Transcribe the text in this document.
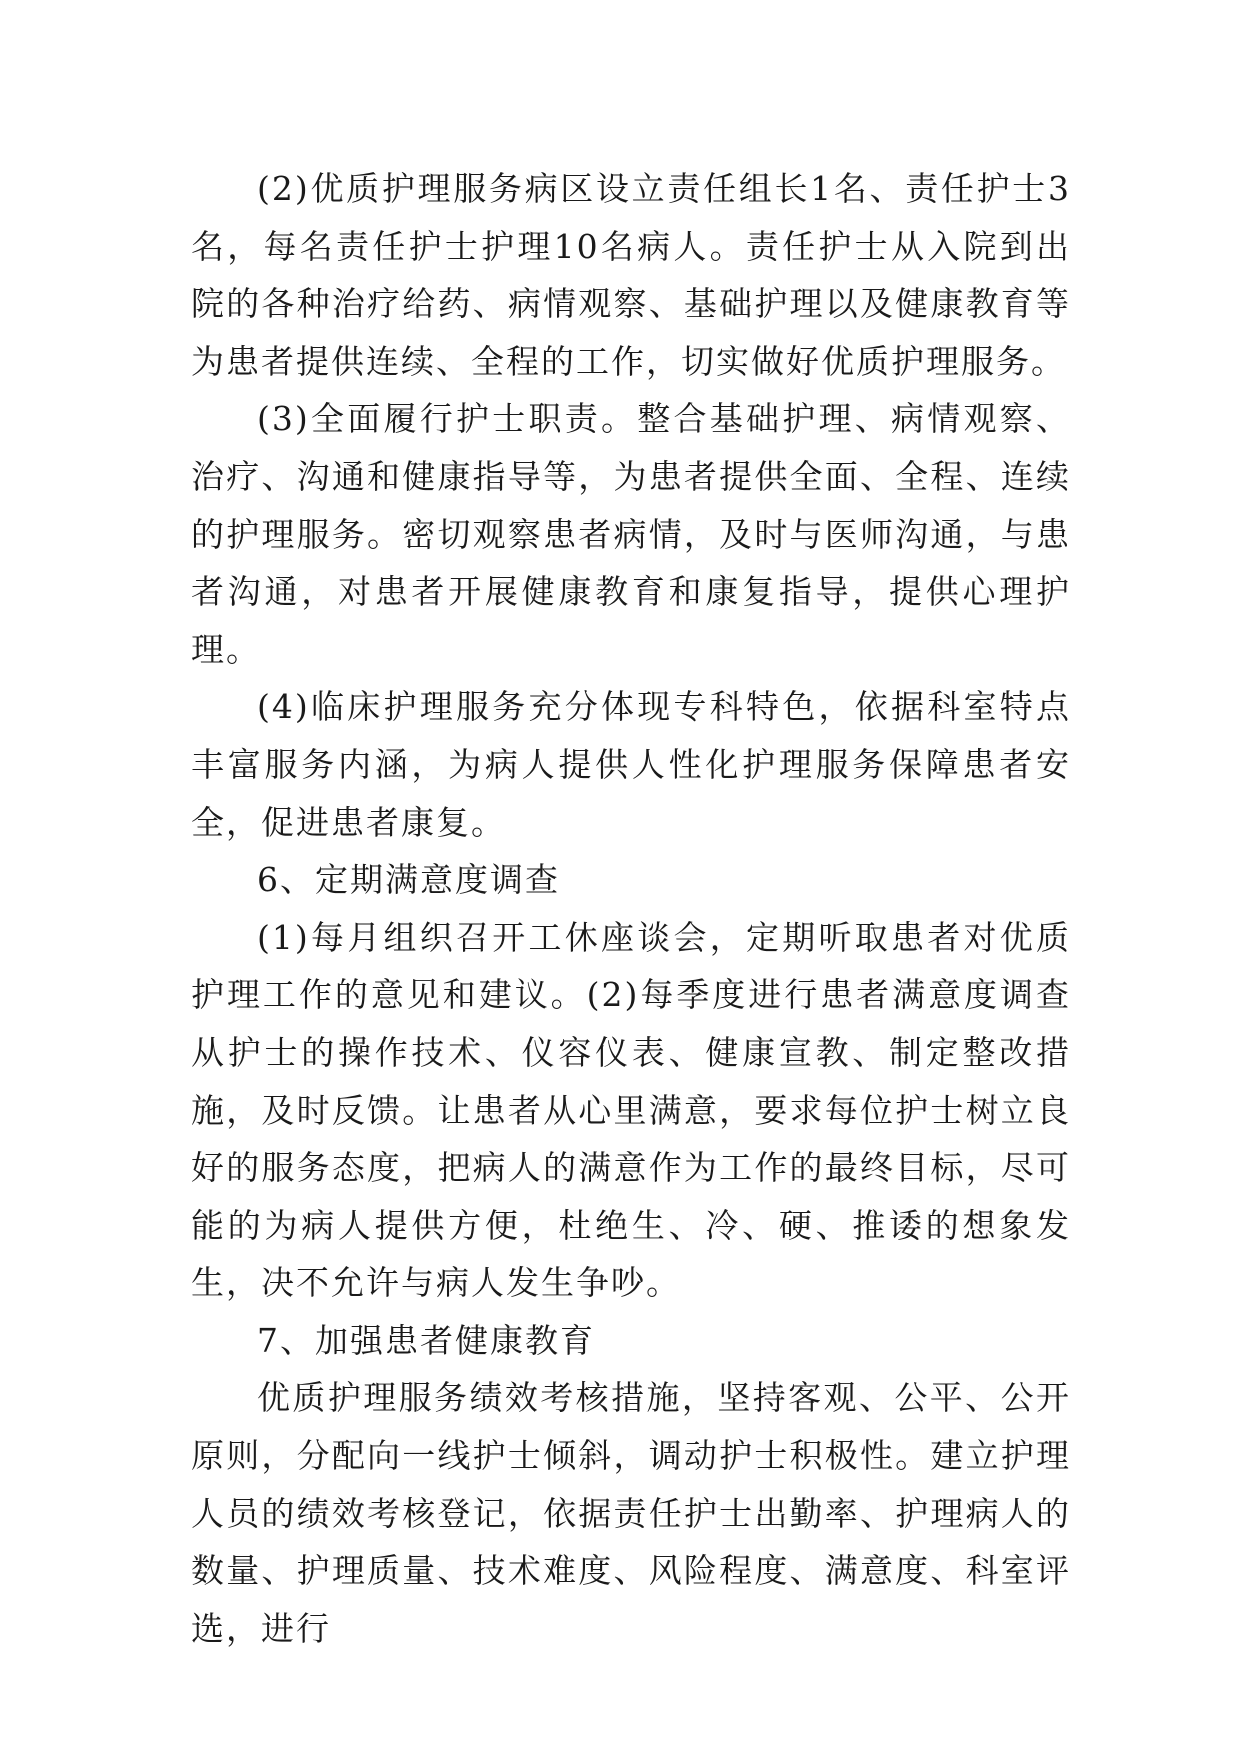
(2)优质护理服务病区设立责任组长1名、责任护士3名，每名责任护士护理10名病人。责任护士从入院到出院的各种治疗给药、病情观察、基础护理以及健康教育等为患者提供连续、全程的工作，切实做好优质护理服务。

(3)全面履行护士职责。整合基础护理、病情观察、治疗、沟通和健康指导等，为患者提供全面、全程、连续的护理服务。密切观察患者病情，及时与医师沟通，与患者沟通，对患者开展健康教育和康复指导，提供心理护理。

(4)临床护理服务充分体现专科特色，依据科室特点丰富服务内涵，为病人提供人性化护理服务保障患者安全，促进患者康复。

6、定期满意度调查

(1)每月组织召开工休座谈会，定期听取患者对优质护理工作的意见和建议。(2)每季度进行患者满意度调查从护士的操作技术、仪容仪表、健康宣教、制定整改措施，及时反馈。让患者从心里满意，要求每位护士树立良好的服务态度，把病人的满意作为工作的最终目标，尽可能的为病人提供方便，杜绝生、冷、硬、推诿的想象发生，决不允许与病人发生争吵。

7、加强患者健康教育

优质护理服务绩效考核措施，坚持客观、公平、公开原则，分配向一线护士倾斜，调动护士积极性。建立护理人员的绩效考核登记，依据责任护士出勤率、护理病人的数量、护理质量、技术难度、风险程度、满意度、科室评选，进行
